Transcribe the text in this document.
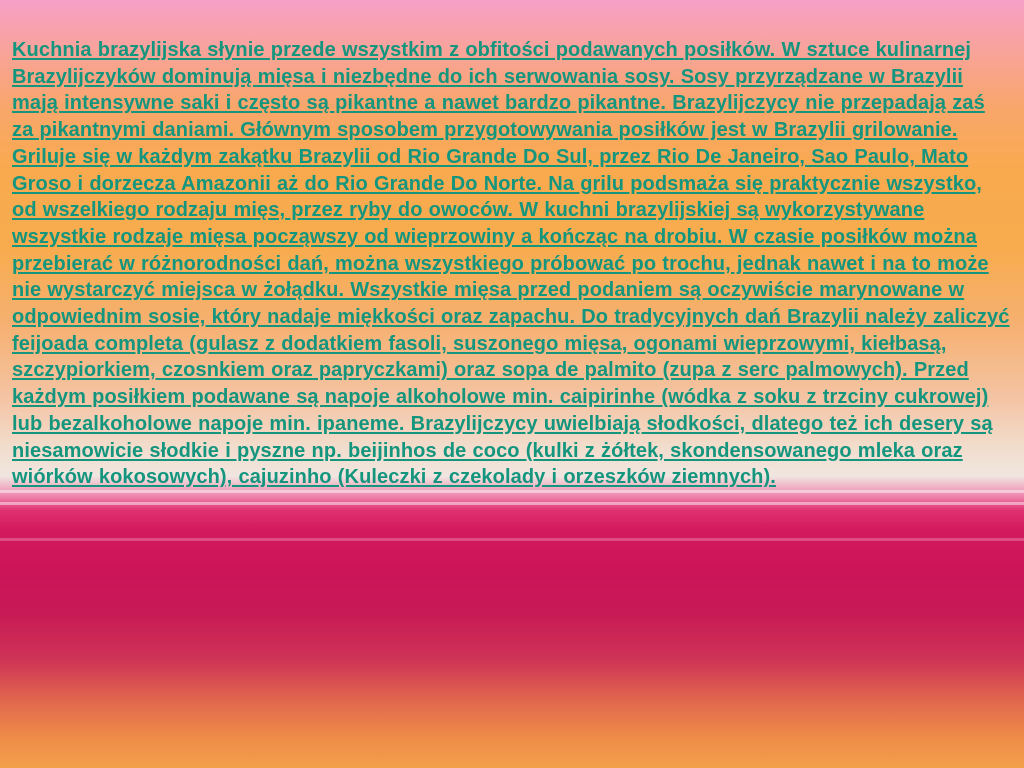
Kuchnia brazylijska słynie przede wszystkim z obfitości podawanych posiłków. W sztuce kulinarnej Brazylijczyków dominują mięsa i niezbędne do ich serwowania sosy. Sosy przyrządzane w Brazylii mają intensywne saki i często są pikantne a nawet bardzo pikantne. Brazylijczycy nie przepadają zaś za pikantnymi daniami. Głównym sposobem przygotowywania posiłków jest w Brazylii grilowanie. Griluje się w każdym zakątku Brazylii od Rio Grande Do Sul, przez Rio De Janeiro, Sao Paulo, Mato Groso i dorzecza Amazonii aż do Rio Grande Do Norte. Na grilu podsmaża się praktycznie wszystko, od wszelkiego rodzaju mięs, przez ryby do owoców. W kuchni brazylijskiej są wykorzystywane wszystkie rodzaje mięsa począwszy od wieprzowiny a kończąc na drobiu. W czasie posiłków można przebierać w różnorodności dań, można wszystkiego próbować po trochu, jednak nawet i na to może nie wystarczyć miejsca w żołądku. Wszystkie mięsa przed podaniem są oczywiście marynowane w odpowiednim sosie, który nadaje miękkości oraz zapachu. Do tradycyjnych dań Brazylii należy zaliczyć feijoada completa (gulasz z dodatkiem fasoli, suszonego mięsa, ogonami wieprzowymi, kiełbasą, szczypiorkiem, czosnkiem oraz papryczkami) oraz sopa de palmito (zupa z serc palmowych). Przed każdym posiłkiem podawane są napoje alkoholowe min. caipirinhe (wódka z soku z trzciny cukrowej) lub bezalkoholowe napoje min. ipaneme. Brazylijczycy uwielbiają słodkości, dlatego też ich desery są niesamowicie słodkie i pyszne np. beijinhos de coco (kulki z żółtek, skondensowanego mleka oraz wiórków kokosowych), cajuzinho (Kuleczki z czekolady i orzeszków ziemnych).
